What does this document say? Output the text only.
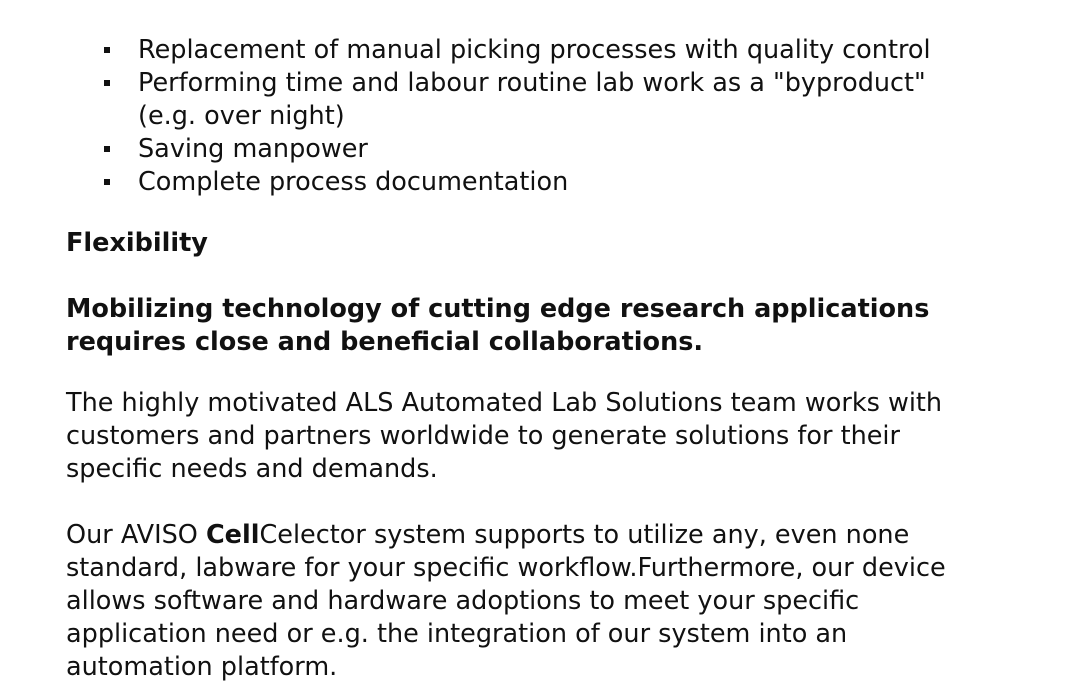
Replacement of manual picking processes with quality control
Performing time and labour routine lab work as a "byproduct" (e.g. over night)
Saving manpower
Complete process documentation

Flexibility

Mobilizing technology of cutting edge research applications requires close and beneficial collaborations.

The highly motivated ALS Automated Lab Solutions team works with customers and partners worldwide to generate solutions for their specific needs and demands.

Our AVISO CellCelector system supports to utilize any, even none standard, labware for your specific workflow.Furthermore, our device allows software and hardware adoptions to meet your specific application need or e.g. the integration of our system into an automation platform.
